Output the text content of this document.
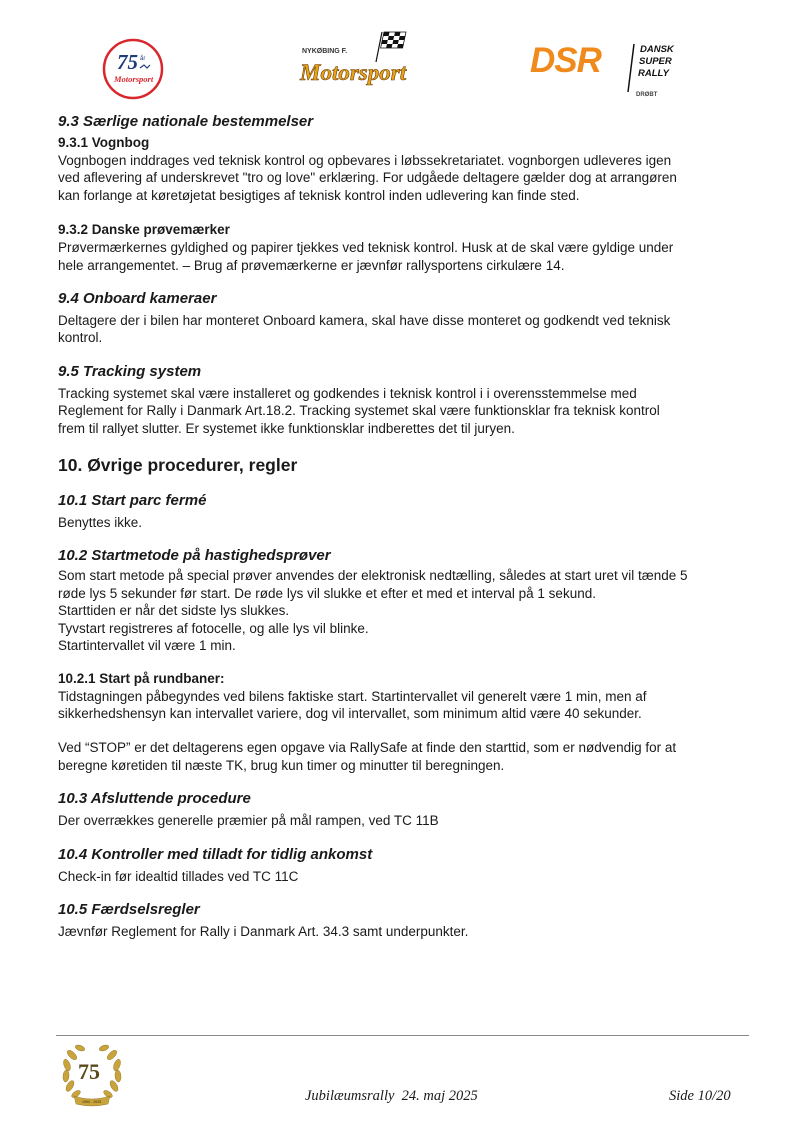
75 år
Motorsport
NYKØBING F.
Motorsport	DSR	DANSK
SUPER
RALLY
DRØBT
9.3 Særlige nationale bestemmelser
9.3.1 Vognbog

Vognbogen inddrages ved teknisk kontrol og opbevares i løbssekretariatet. vognborgen udleveres igen

ved aflevering af underskrevet "tro og love" erklæring. For udgåede deltagere gælder dog at arrangøren

kan forlange at køretøjetat besigtiges af teknisk kontrol inden udlevering kan finde sted.

9.3.2 Danske prøvemærker

Prøvermærkernes gyldighed og papirer tjekkes ved teknisk kontrol. Husk at de skal være gyldige under

hele arrangementet. – Brug af prøvemærkerne er jævnfør rallysportens cirkulære 14.

9.4 Onboard kameraer

Deltagere der i bilen har monteret Onboard kamera, skal have disse monteret og godkendt ved teknisk

kontrol.

9.5 Tracking system

Tracking systemet skal være installeret og godkendes i teknisk kontrol i i overensstemmelse med

Reglement for Rally i Danmark Art.18.2. Tracking systemet skal være funktionsklar fra teknisk kontrol

frem til rallyet slutter. Er systemet ikke funktionsklar indberettes det til juryen.

10. Øvrige procedurer, regler
10.1 Start parc fermé

Benyttes ikke.

10.2 Startmetode på hastighedsprøver

Som start metode på special prøver anvendes der elektronisk nedtælling, således at start uret vil tænde 5

røde lys 5 sekunder før start. De røde lys vil slukke et efter et med et interval på 1 sekund.

Starttiden er når det sidste lys slukkes.

Tyvstart registreres af fotocelle, og alle lys vil blinke.

Startintervallet vil være 1 min.

10.2.1 Start på rundbaner:

Tidstagningen påbegyndes ved bilens faktiske start. Startintervallet vil generelt være 1 min, men af

sikkerhedshensyn kan intervallet variere, dog vil intervallet, som minimum altid være 40 sekunder.

Ved “STOP” er det deltagerens egen opgave via RallySafe at finde den starttid, som er nødvendig for at

beregne køretiden til næste TK, brug kun timer og minutter til beregningen.

10.3 Afsluttende procedure

Der overrækkes generelle præmier på mål rampen, ved TC 11B

10.4 Kontroller med tilladt for tidlig ankomst

Check-in før idealtid tillades ved TC 11C

10.5 Færdselsregler

Jævnfør Reglement for Rally i Danmark Art. 34.3 samt underpunkter.

75
1950 - 2025	Jubilæumsrally  24. maj 2025	Side 10/20
